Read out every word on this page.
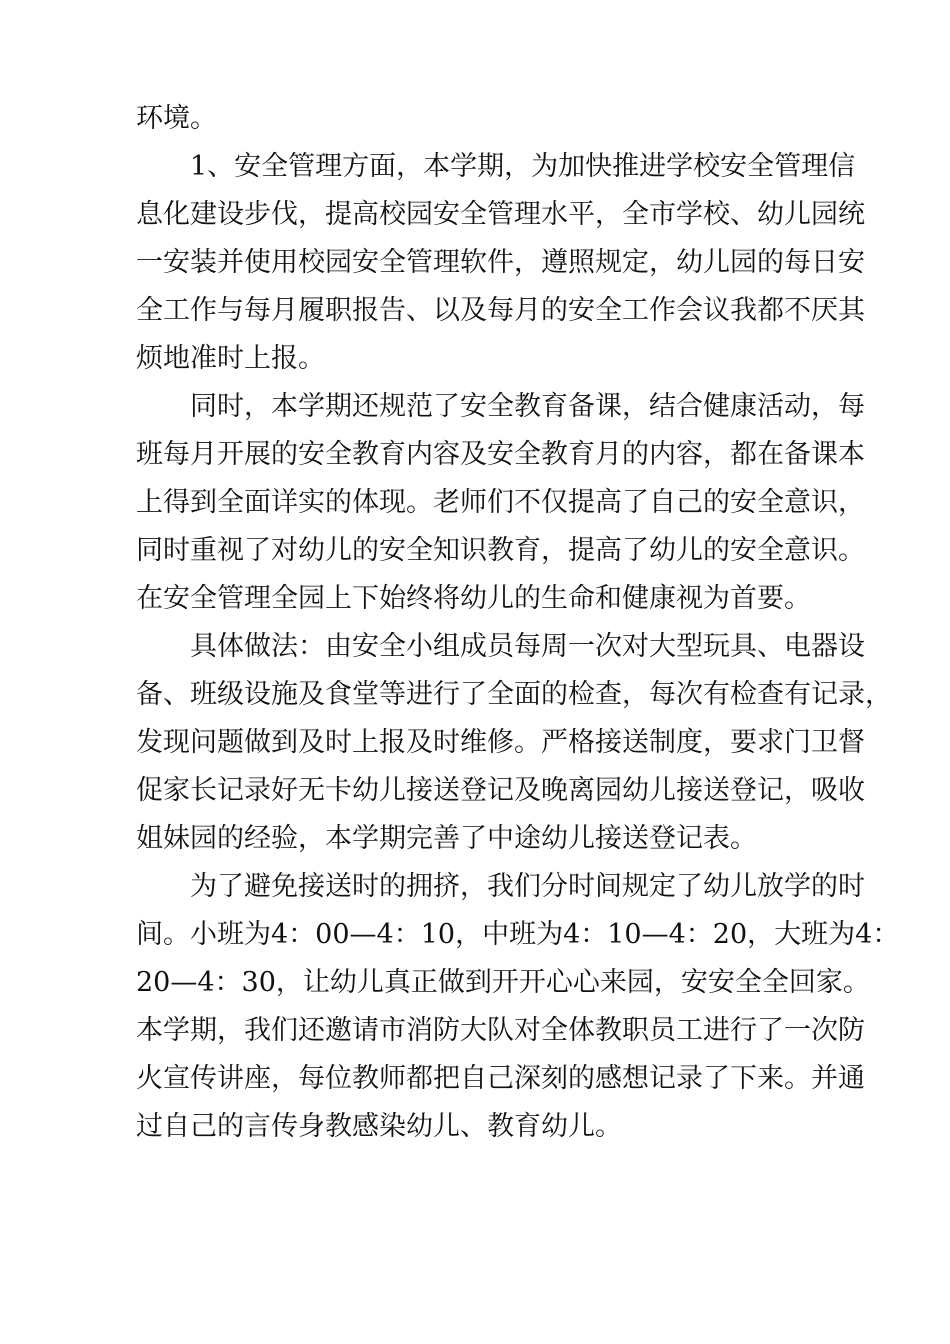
环境。
　　1、安全管理方面，本学期，为加快推进学校安全管理信
息化建设步伐，提高校园安全管理水平，全市学校、幼儿园统
一安装并使用校园安全管理软件，遵照规定，幼儿园的每日安
全工作与每月履职报告、以及每月的安全工作会议我都不厌其
烦地准时上报。
　　同时，本学期还规范了安全教育备课，结合健康活动，每
班每月开展的安全教育内容及安全教育月的内容，都在备课本
上得到全面详实的体现。老师们不仅提高了自己的安全意识，
同时重视了对幼儿的安全知识教育，提高了幼儿的安全意识。
在安全管理全园上下始终将幼儿的生命和健康视为首要。
　　具体做法：由安全小组成员每周一次对大型玩具、电器设
备、班级设施及食堂等进行了全面的检查，每次有检查有记录，
发现问题做到及时上报及时维修。严格接送制度，要求门卫督
促家长记录好无卡幼儿接送登记及晚离园幼儿接送登记，吸收
姐妹园的经验，本学期完善了中途幼儿接送登记表。
　　为了避免接送时的拥挤，我们分时间规定了幼儿放学的时
间。小班为4：00—4：10，中班为4：10—4：20，大班为4：
20—4：30，让幼儿真正做到开开心心来园，安安全全回家。
本学期，我们还邀请市消防大队对全体教职员工进行了一次防
火宣传讲座，每位教师都把自己深刻的感想记录了下来。并通
过自己的言传身教感染幼儿、教育幼儿。
